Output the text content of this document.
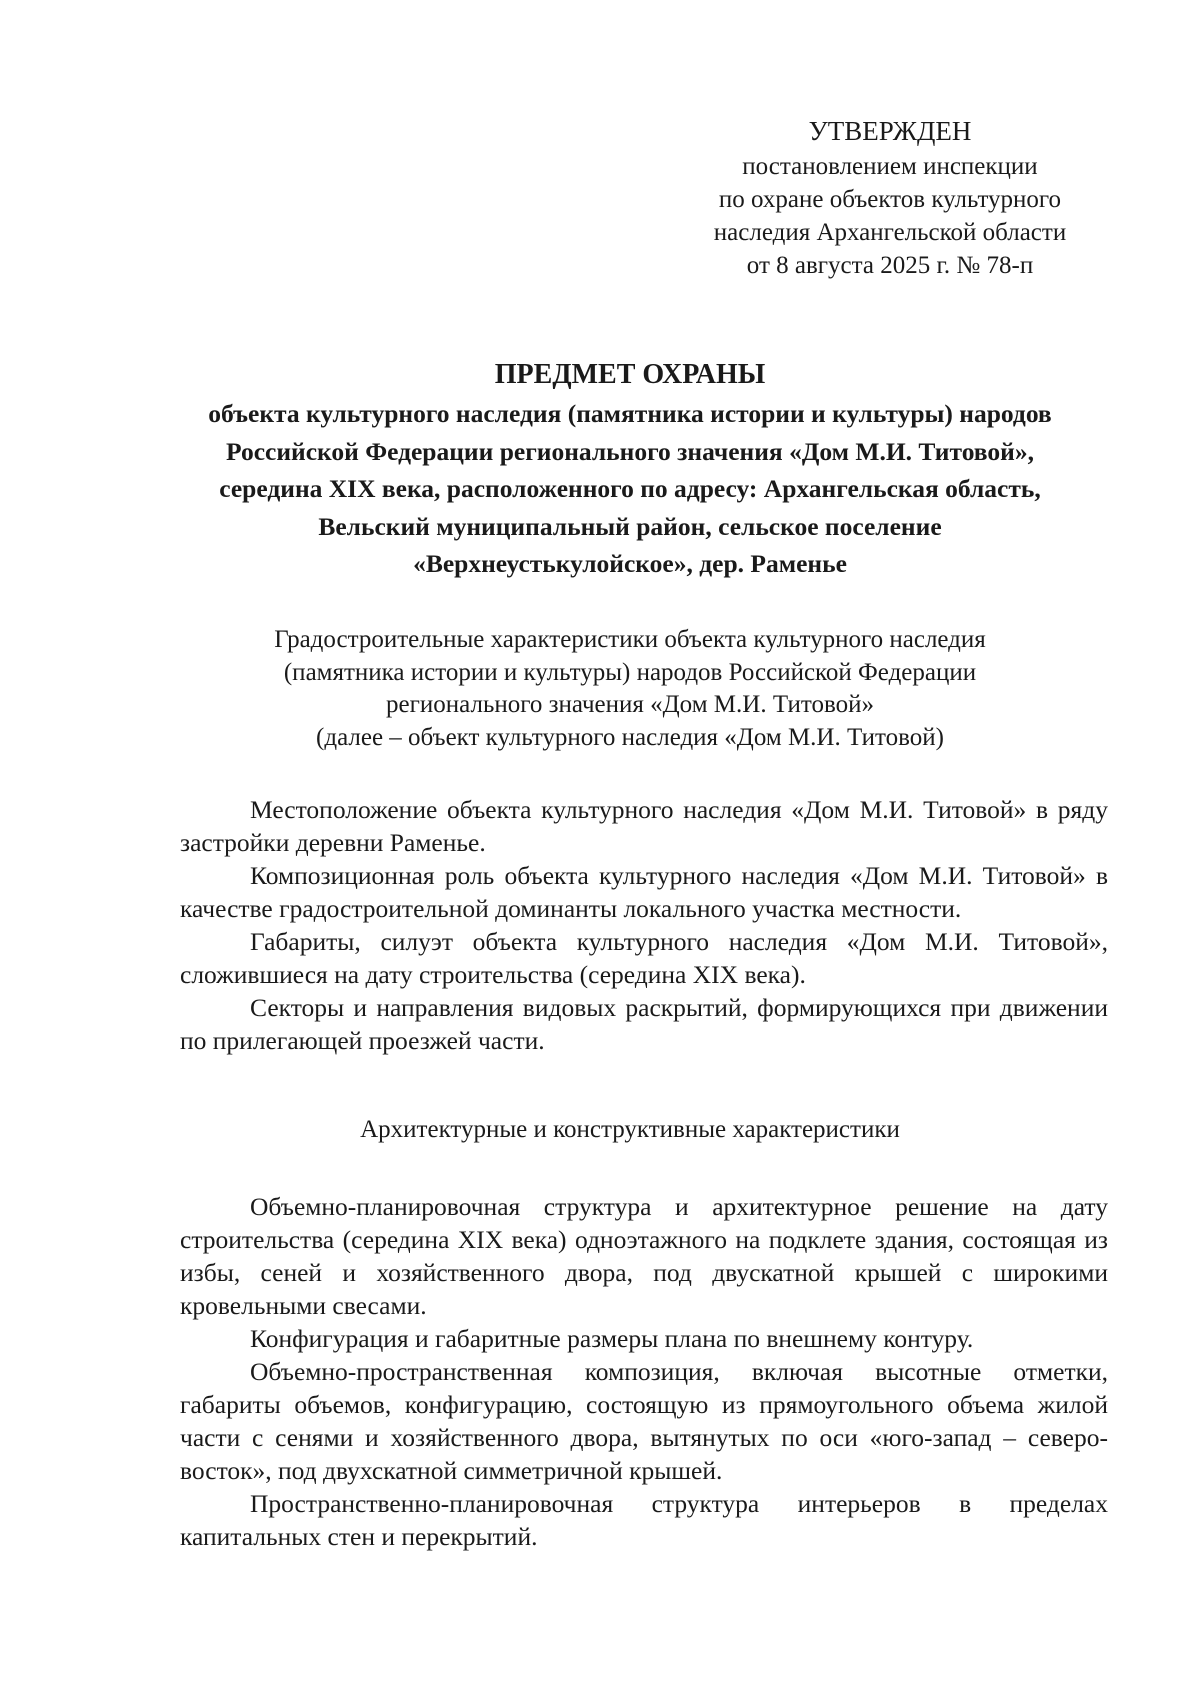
УТВЕРЖДЕН
постановлением инспекции
по охране объектов культурного
наследия Архангельской области
от 8 августа 2025 г. № 78-п
ПРЕДМЕТ ОХРАНЫ
объекта культурного наследия (памятника истории и культуры) народов
Российской Федерации регионального значения «Дом М.И. Титовой»,
середина XIX века, расположенного по адресу: Архангельская область,
Вельский муниципальный район, сельское поселение
«Верхнеустькулойское», дер. Раменье
Градостроительные характеристики объекта культурного наследия
(памятника истории и культуры) народов Российской Федерации
регионального значения «Дом М.И. Титовой»
(далее – объект культурного наследия «Дом М.И. Титовой)

Местоположение объекта культурного наследия «Дом М.И. Титовой» в ряду застройки деревни Раменье.

Композиционная роль объекта культурного наследия «Дом М.И. Титовой» в качестве градостроительной доминанты локального участка местности.

Габариты, силуэт объекта культурного наследия «Дом М.И. Титовой», сложившиеся на дату строительства (середина XIX века).

Секторы и направления видовых раскрытий, формирующихся при движении по прилегающей проезжей части.

Архитектурные и конструктивные характеристики

Объемно-планировочная структура и архитектурное решение на дату строительства (середина XIX века) одноэтажного на подклете здания, состоящая из избы, сеней и хозяйственного двора, под двускатной крышей с широкими кровельными свесами.

Конфигурация и габаритные размеры плана по внешнему контуру.

Объемно-пространственная композиция, включая высотные отметки, габариты объемов, конфигурацию, состоящую из прямоугольного объема жилой части с сенями и хозяйственного двора, вытянутых по оси «юго-запад – северо-восток», под двухскатной симметричной крышей.

Пространственно-планировочная структура интерьеров в пределах капитальных стен и перекрытий.
